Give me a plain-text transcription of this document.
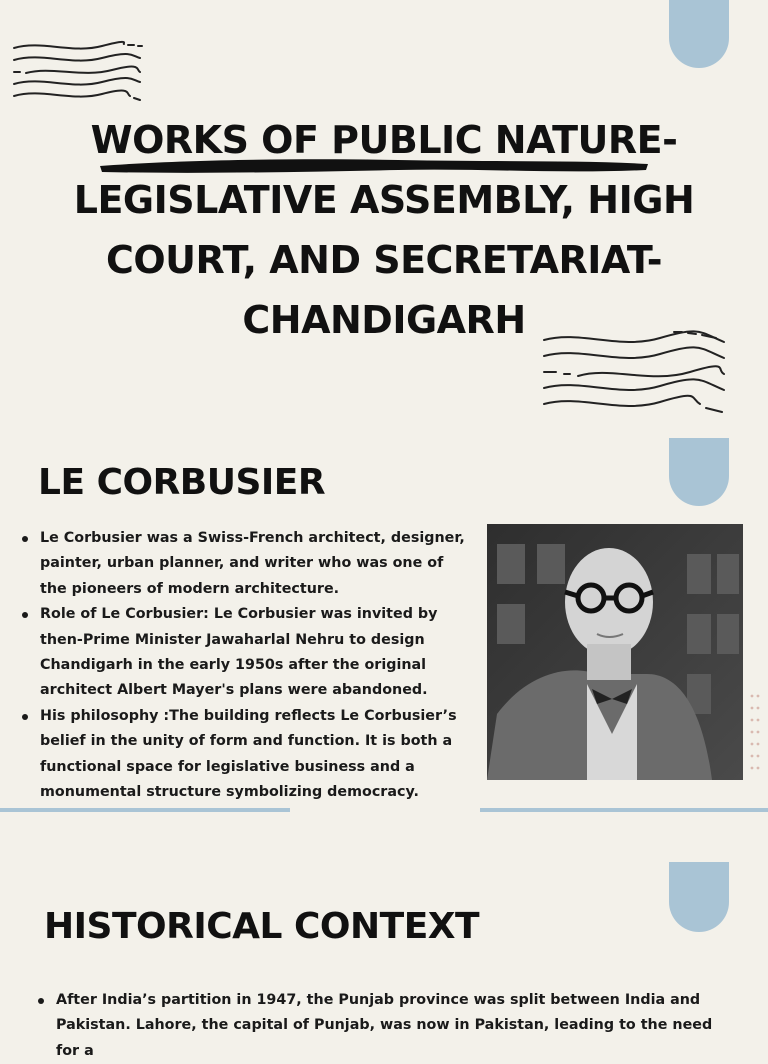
WORKS OF PUBLIC NATURE-
LEGISLATIVE ASSEMBLY, HIGH
COURT, AND SECRETARIAT-
CHANDIGARH
LE CORBUSIER
Le Corbusier was a Swiss-French architect, designer, painter, urban planner, and writer who was one of the pioneers of modern architecture.
Role of Le Corbusier: Le Corbusier was invited by then-Prime Minister Jawaharlal Nehru to design Chandigarh in the early 1950s after the original architect Albert Mayer's plans were abandoned.
His philosophy :The building reflects Le Corbusier’s belief in the unity of form and function. It is both a functional space for legislative business and a monumental structure symbolizing democracy.
HISTORICAL CONTEXT
After India’s partition in 1947, the Punjab province was split between India and Pakistan. Lahore, the capital of Punjab, was now in Pakistan, leading to the need for a
